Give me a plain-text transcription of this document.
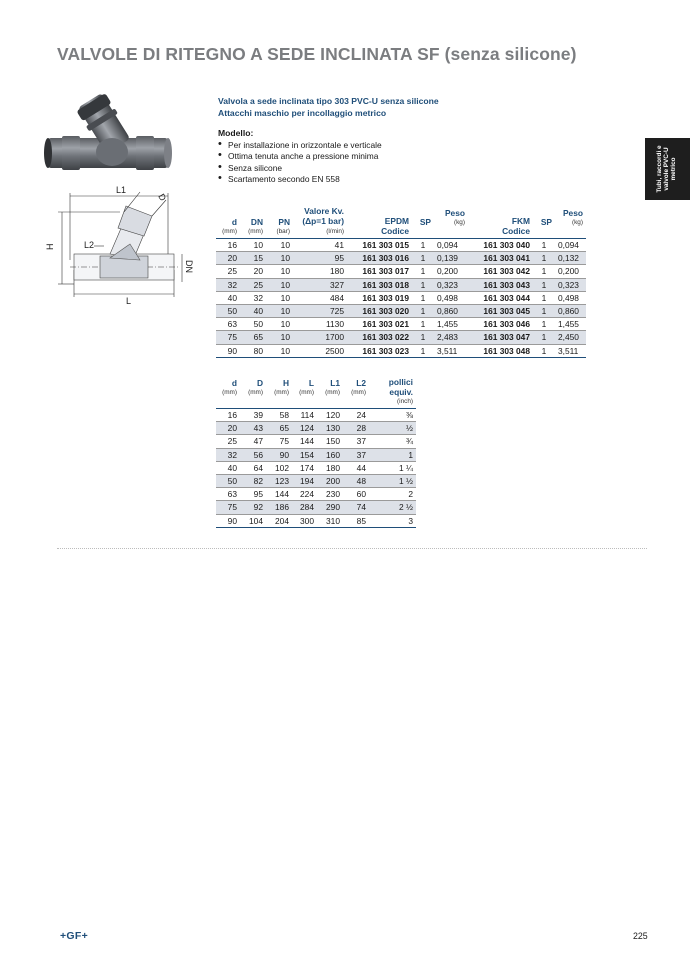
VALVOLE DI RITEGNO A SEDE INCLINATA SF (senza silicone)
Tubi, raccordi e valvole PVC-U metrico
L1
D
H	L2
DN
L
Valvola a sede inclinata tipo 303 PVC-U senza silicone
Attacchi maschio per incollaggio metrico
Modello:
• Per installazione in orizzontale e verticale
• Ottima tenuta anche a pressione minima
• Senza silicone
• Scartamento secondo EN 558
d
(mm)	DN
(mm)	PN
(bar)	Valore Kv.
(Δp=1 bar)
(l/min)	EPDM
Codice	SP	Peso
(kg)	FKM
Codice	SP	Peso
(kg)

16	10	10	41	161 303 015	1	0,094	161 303 040	1	0,094
20	15	10	95	161 303 016	1	0,139	161 303 041	1	0,132
25	20	10	180	161 303 017	1	0,200	161 303 042	1	0,200
32	25	10	327	161 303 018	1	0,323	161 303 043	1	0,323
40	32	10	484	161 303 019	1	0,498	161 303 044	1	0,498
50	40	10	725	161 303 020	1	0,860	161 303 045	1	0,860
63	50	10	1130	161 303 021	1	1,455	161 303 046	1	1,455
75	65	10	1700	161 303 022	1	2,483	161 303 047	1	2,450
90	80	10	2500	161 303 023	1	3,511	161 303 048	1	3,511
d
(mm)	D
(mm)	H
(mm)	L
(mm)	L1
(mm)	L2
(mm)	pollici
equiv.
(inch)

16	39	58	114	120	24	⅜
20	43	65	124	130	28	½
25	47	75	144	150	37	¾
32	56	90	154	160	37	1
40	64	102	174	180	44	1 ¼
50	82	123	194	200	48	1 ½
63	95	144	224	230	60	2
75	92	186	284	290	74	2 ½
90	104	204	300	310	85	3
+GF+	225
